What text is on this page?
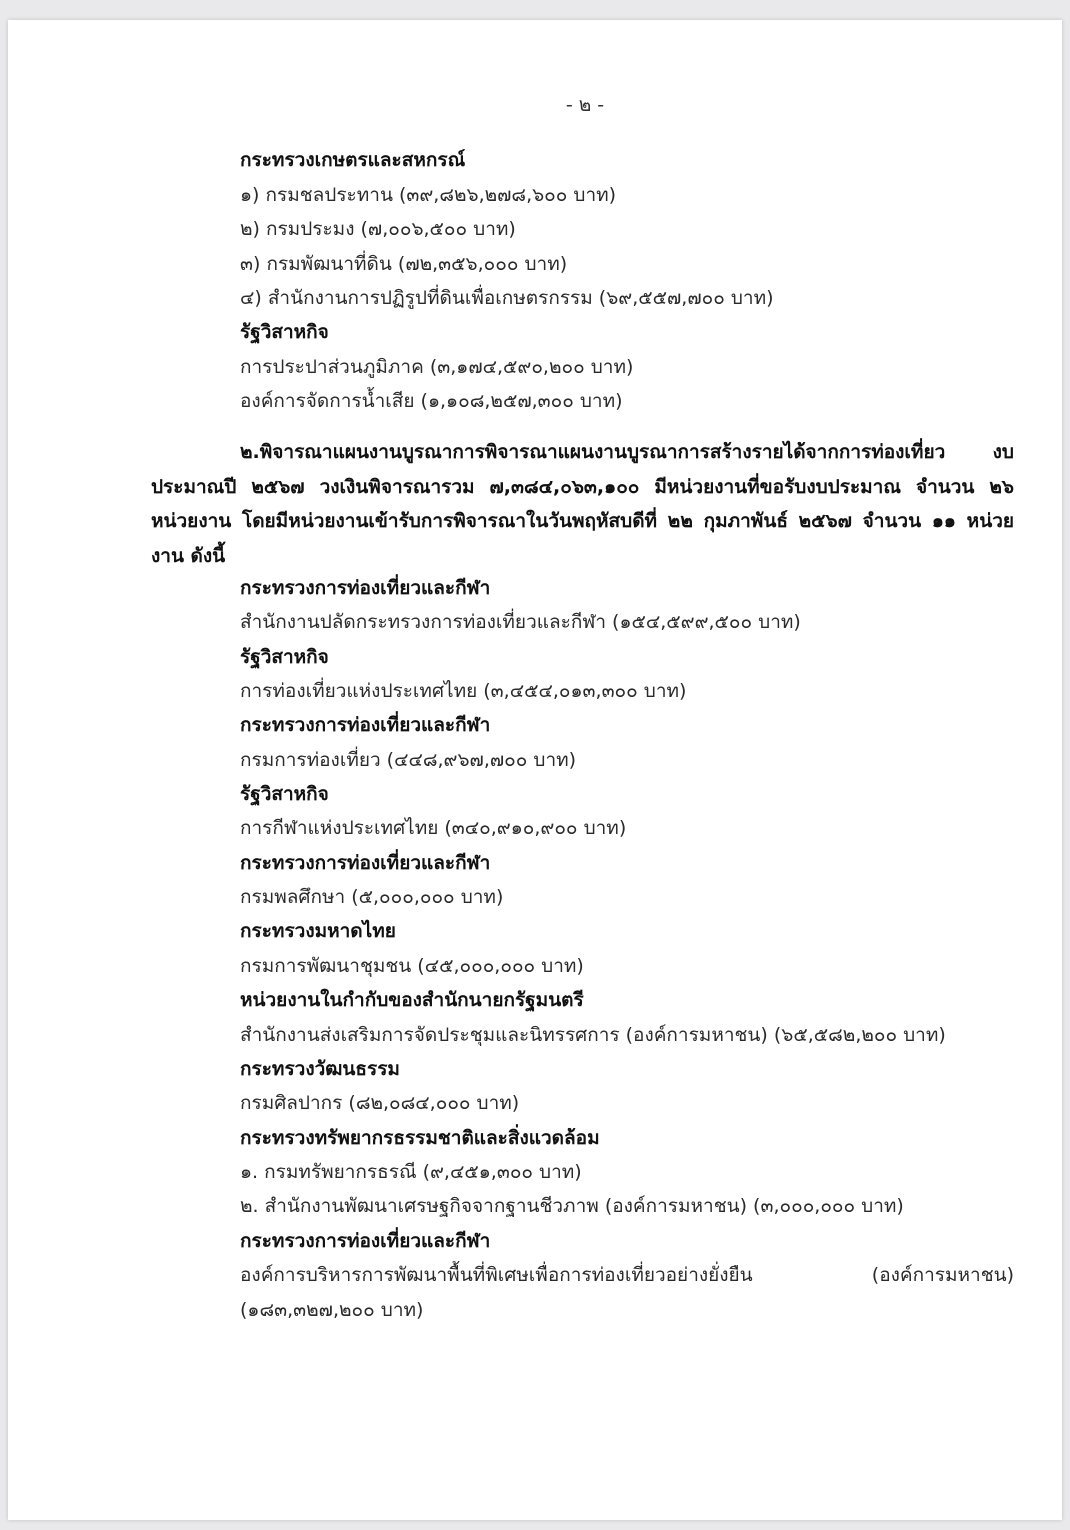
- ๒ -
กระทรวงเกษตรและสหกรณ์
๑) กรมชลประทาน (๓๙,๘๒๖,๒๗๘,๖๐๐ บาท)
๒) กรมประมง (๗,๐๐๖,๕๐๐ บาท)
๓) กรมพัฒนาที่ดิน (๗๒,๓๕๖,๐๐๐ บาท)
๔) สำนักงานการปฏิรูปที่ดินเพื่อเกษตรกรรม (๖๙,๕๕๗,๗๐๐ บาท)
รัฐวิสาหกิจ
การประปาส่วนภูมิภาค (๓,๑๗๔,๕๙๐,๒๐๐ บาท)
องค์การจัดการน้ำเสีย (๑,๑๐๘,๒๕๗,๓๐๐ บาท)
๒.พิจารณาแผนงานบูรณาการพิจารณาแผนงานบูรณาการสร้างรายได้จากการท่องเที่ยว งบประมาณปี ๒๕๖๗ วงเงินพิจารณารวม ๗,๓๘๔,๐๖๓,๑๐๐ มีหน่วยงานที่ขอรับงบประมาณ จำนวน ๒๖ หน่วยงาน โดยมีหน่วยงานเข้ารับการพิจารณาในวันพฤหัสบดีที่ ๒๒ กุมภาพันธ์ ๒๕๖๗ จำนวน ๑๑ หน่วยงาน ดังนี้
กระทรวงการท่องเที่ยวและกีฬา
สำนักงานปลัดกระทรวงการท่องเที่ยวและกีฬา (๑๕๔,๕๙๙,๕๐๐ บาท)
รัฐวิสาหกิจ
การท่องเที่ยวแห่งประเทศไทย (๓,๔๕๔,๐๑๓,๓๐๐ บาท)
กระทรวงการท่องเที่ยวและกีฬา
กรมการท่องเที่ยว (๔๔๘,๙๖๗,๗๐๐ บาท)
รัฐวิสาหกิจ
การกีฬาแห่งประเทศไทย (๓๔๐,๙๑๐,๙๐๐ บาท)
กระทรวงการท่องเที่ยวและกีฬา
กรมพลศึกษา (๕,๐๐๐,๐๐๐ บาท)
กระทรวงมหาดไทย
กรมการพัฒนาชุมชน (๔๕,๐๐๐,๐๐๐ บาท)
หน่วยงานในกำกับของสำนักนายกรัฐมนตรี
สำนักงานส่งเสริมการจัดประชุมและนิทรรศการ (องค์การมหาชน) (๖๕,๕๘๒,๒๐๐ บาท)
กระทรวงวัฒนธรรม
กรมศิลปากร (๘๒,๐๘๔,๐๐๐ บาท)
กระทรวงทรัพยากรธรรมชาติและสิ่งแวดล้อม
๑. กรมทรัพยากรธรณี (๙,๔๕๑,๓๐๐ บาท)
๒. สำนักงานพัฒนาเศรษฐกิจจากฐานชีวภาพ (องค์การมหาชน) (๓,๐๐๐,๐๐๐ บาท)
กระทรวงการท่องเที่ยวและกีฬา
องค์การบริหารการพัฒนาพื้นที่พิเศษเพื่อการท่องเที่ยวอย่างยั่งยืน (องค์การมหาชน) (๑๘๓,๓๒๗,๒๐๐ บาท)
